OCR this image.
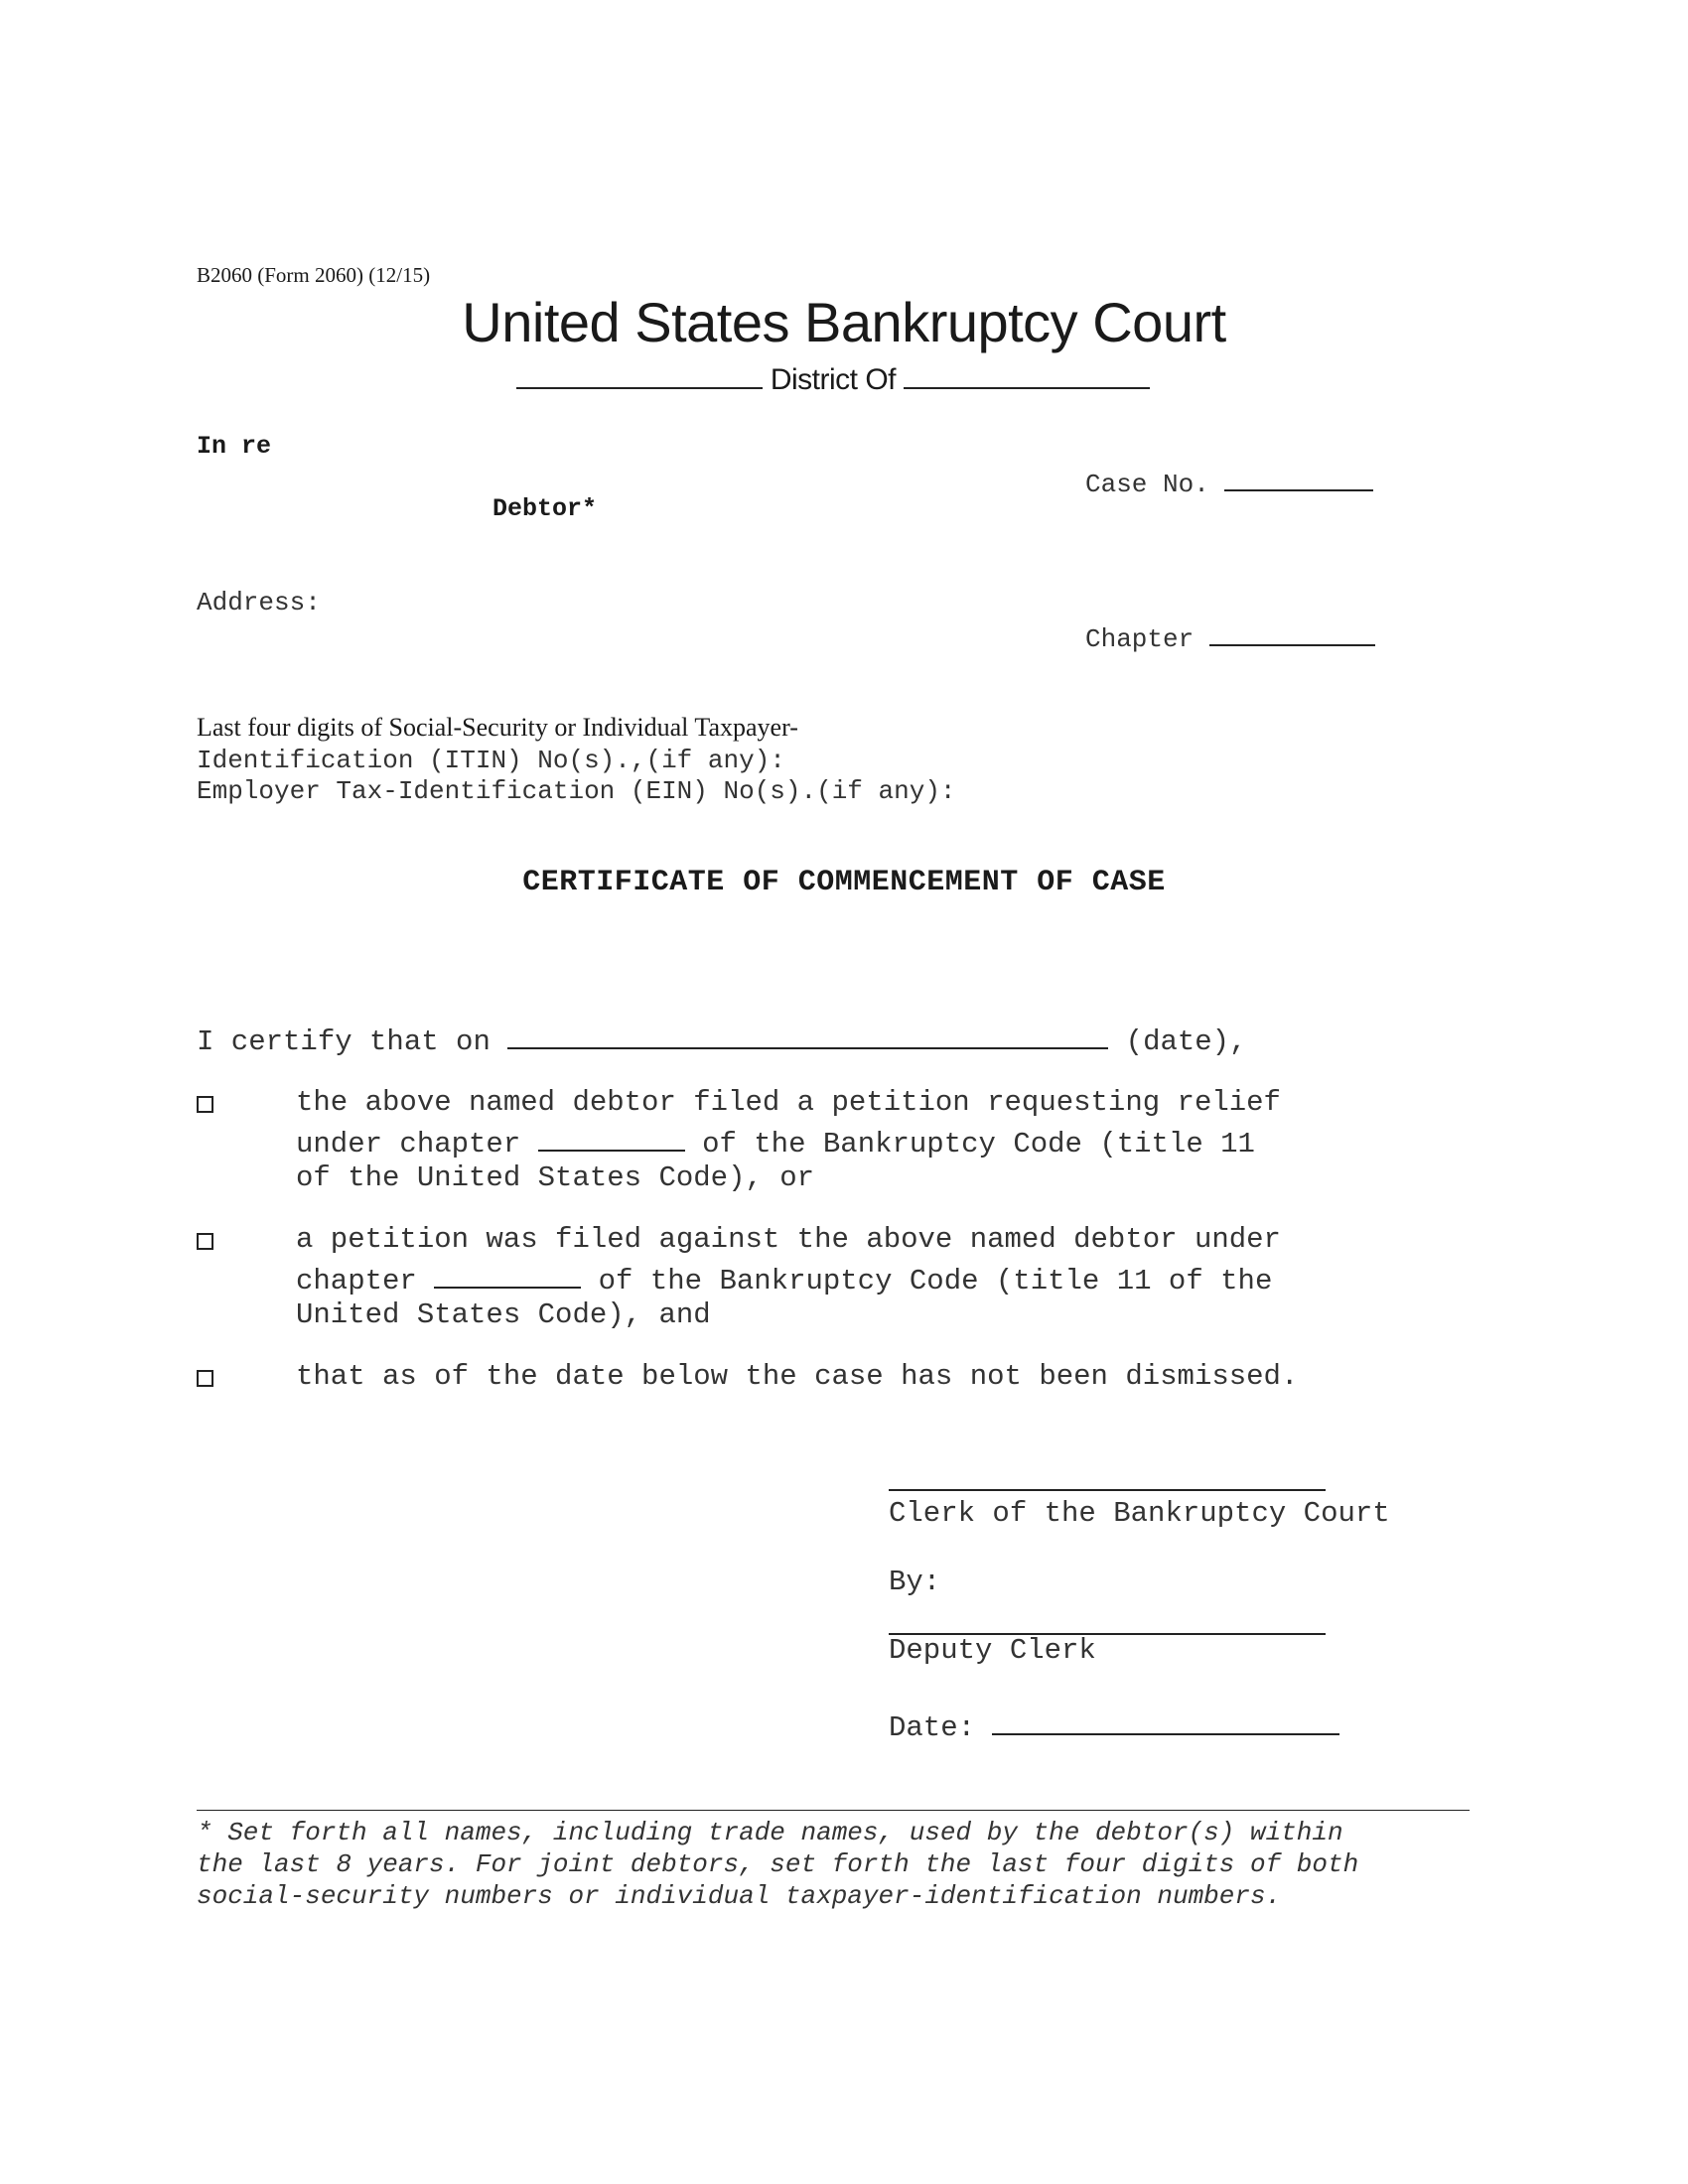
B2060 (Form 2060) (12/15)
United States Bankruptcy Court
District Of
In re
Debtor*
Case No.
Address:
Chapter
Last four digits of Social-Security or Individual Taxpayer-
Identification (ITIN) No(s).,(if any):
Employer Tax-Identification (EIN) No(s).(if any):
CERTIFICATE OF COMMENCEMENT OF CASE
I certify that on	(date),
the above named debtor filed a petition requesting relief
under chapter	of the Bankruptcy Code (title 11
of the United States Code), or
a petition was filed against the above named debtor under
chapter	of the Bankruptcy Code (title 11 of the
United States Code), and
that as of the date below the case has not been dismissed.
Clerk of the Bankruptcy Court
By:
Deputy Clerk
Date:
* Set forth all names, including trade names, used by the debtor(s) within
the last 8 years. For joint debtors, set forth the last four digits of both
social-security numbers or individual taxpayer-identification numbers.
